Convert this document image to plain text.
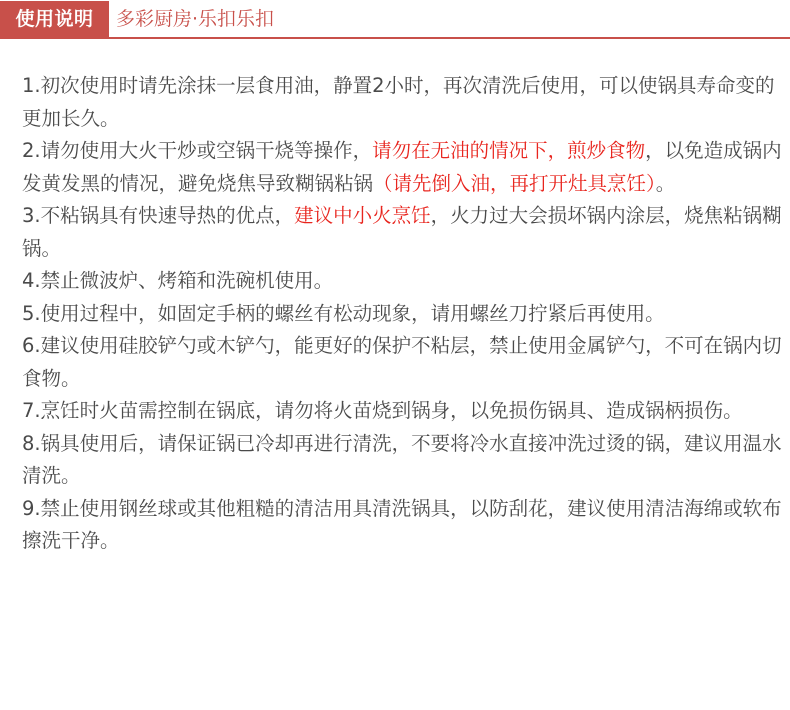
使用说明	多彩厨房·乐扣乐扣

1.初次使用时请先涂抹一层食用油，静置2小时，再次清洗后使用，可以使锅具寿命变的更加长久。

2.请勿使用大火干炒或空锅干烧等操作，请勿在无油的情况下，煎炒食物，以免造成锅内发黄发黑的情况，避免烧焦导致糊锅粘锅（请先倒入油，再打开灶具烹饪）。

3.不粘锅具有快速导热的优点，建议中小火烹饪，火力过大会损坏锅内涂层，烧焦粘锅糊锅。

4.禁止微波炉、烤箱和洗碗机使用。

5.使用过程中，如固定手柄的螺丝有松动现象，请用螺丝刀拧紧后再使用。

6.建议使用硅胶铲勺或木铲勺，能更好的保护不粘层，禁止使用金属铲勺，不可在锅内切食物。

7.烹饪时火苗需控制在锅底，请勿将火苗烧到锅身，以免损伤锅具、造成锅柄损伤。

8.锅具使用后，请保证锅已冷却再进行清洗，不要将冷水直接冲洗过烫的锅，建议用温水清洗。

9.禁止使用钢丝球或其他粗糙的清洁用具清洗锅具，以防刮花，建议使用清洁海绵或软布擦洗干净。
